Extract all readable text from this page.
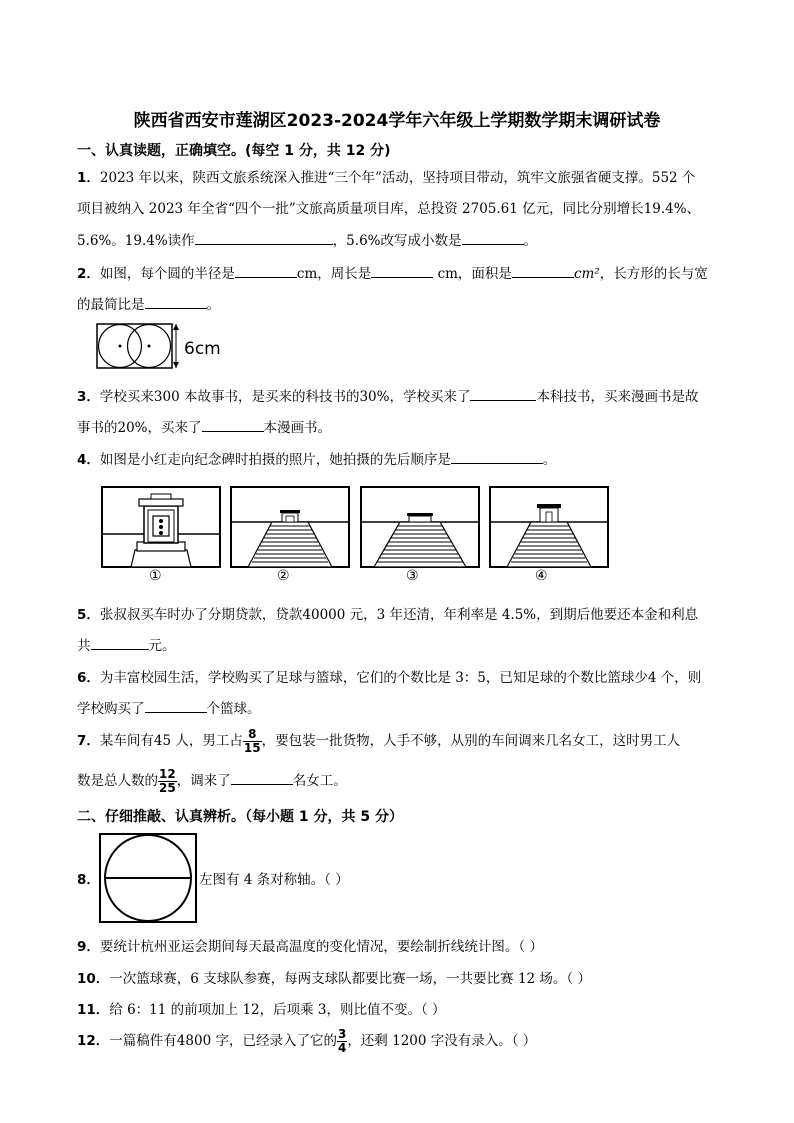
陕西省西安市莲湖区2023-2024学年六年级上学期数学期末调研试卷
一、认真读题，正确填空。(每空 1 分，共 12 分)
1．2023 年以来，陕西文旅系统深入推进“三个年”活动，坚持项目带动，筑牢文旅强省硬支撑。552 个
项目被纳入 2023 年全省“四个一批”文旅高质量项目库，总投资 2705.61 亿元，同比分别增长19.4%、
5.6%。19.4%读作	，5.6%改写成小数是	。
2．如图，每个圆的半径是	cm，周长是	cm，面积是	cm²，长方形的长与宽
的最简比是	。
6cm
3．学校买来300 本故事书，是买来的科技书的30%，学校买来了	本科技书，买来漫画书是故
事书的20%，买来了	本漫画书。
4．如图是小红走向纪念碑时拍摄的照片，她拍摄的先后顺序是	。
①	②	③	④
5．张叔叔买车时办了分期贷款，贷款40000 元，3 年还清，年利率是 4.5%，到期后他要还本金和利息
共	元。
6．为丰富校园生活，学校购买了足球与篮球，它们的个数比是 3：5，已知足球的个数比篮球少4 个，则
学校购买了	个篮球。
7．某车间有45 人，男工占 $\frac{8}{15}$ ，要包装一批货物，人手不够，从别的车间调来几名女工，这时男工人
数是总人数的 $\frac{12}{25}$ ，调来了	名女工。
二、仔细推敲、认真辨析。（每小题 1 分，共 5 分）
8．	左图有 4 条对称轴。（ ）
9．要统计杭州亚运会期间每天最高温度的变化情况，要绘制折线统计图。（ ）
10．一次篮球赛，6 支球队参赛，每两支球队都要比赛一场，一共要比赛 12 场。（ ）
11．给 6：11 的前项加上 12，后项乘 3，则比值不变。（ ）
12．一篇稿件有4800 字，已经录入了它的 $\frac{3}{4}$ ，还剩 1200 字没有录入。（ ）
